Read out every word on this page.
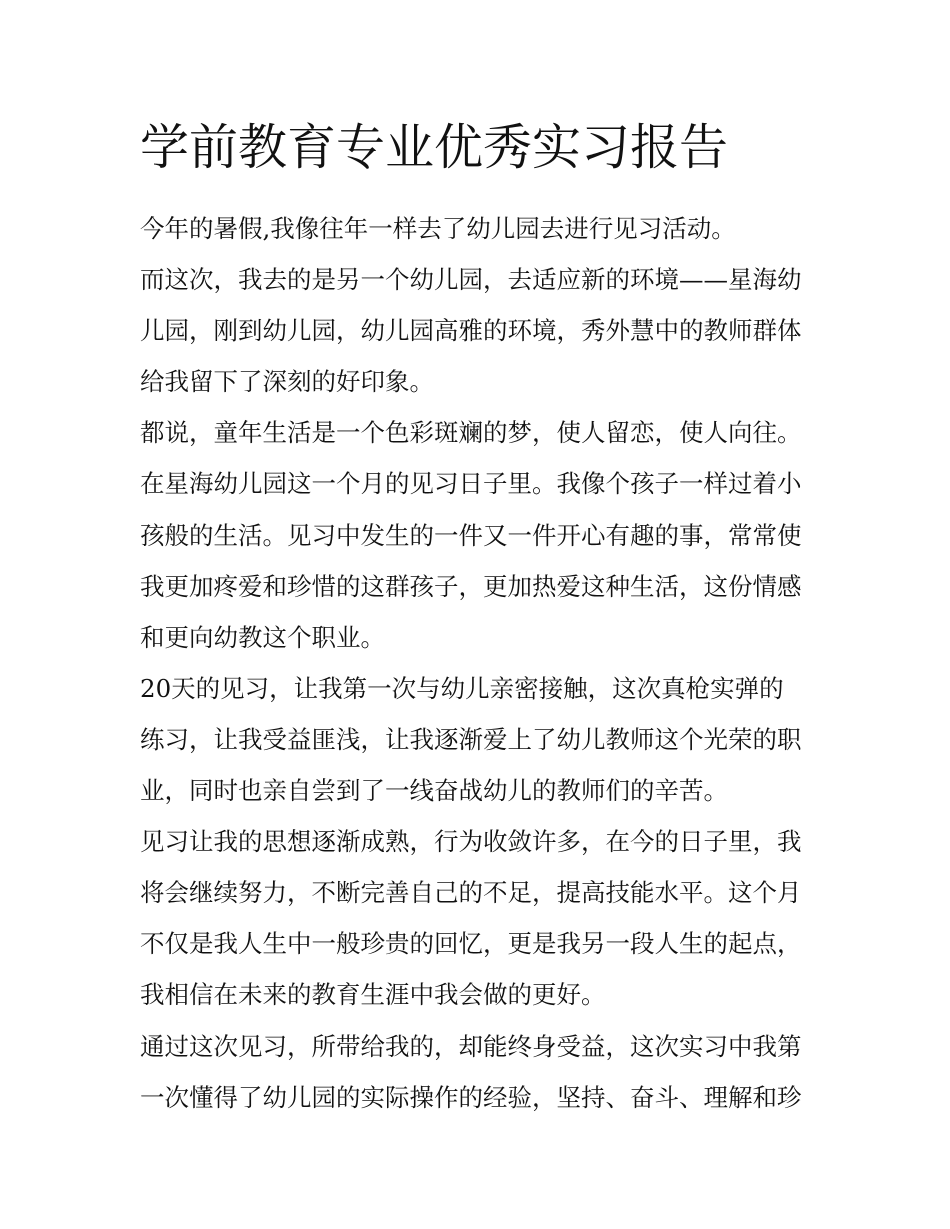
学前教育专业优秀实习报告
今年的暑假,我像往年一样去了幼儿园去进行见习活动。
而这次，我去的是另一个幼儿园，去适应新的环境——星海幼
儿园，刚到幼儿园，幼儿园高雅的环境，秀外慧中的教师群体
给我留下了深刻的好印象。
都说，童年生活是一个色彩斑斓的梦，使人留恋，使人向往。
在星海幼儿园这一个月的见习日子里。我像个孩子一样过着小
孩般的生活。见习中发生的一件又一件开心有趣的事，常常使
我更加疼爱和珍惜的这群孩子，更加热爱这种生活，这份情感
和更向幼教这个职业。
20天的见习，让我第一次与幼儿亲密接触，这次真枪实弹的
练习，让我受益匪浅，让我逐渐爱上了幼儿教师这个光荣的职
业，同时也亲自尝到了一线奋战幼儿的教师们的辛苦。
见习让我的思想逐渐成熟，行为收敛许多，在今的日子里，我
将会继续努力，不断完善自己的不足，提高技能水平。这个月
不仅是我人生中一般珍贵的回忆，更是我另一段人生的起点，
我相信在未来的教育生涯中我会做的更好。
通过这次见习，所带给我的，却能终身受益，这次实习中我第
一次懂得了幼儿园的实际操作的经验，坚持、奋斗、理解和珍
